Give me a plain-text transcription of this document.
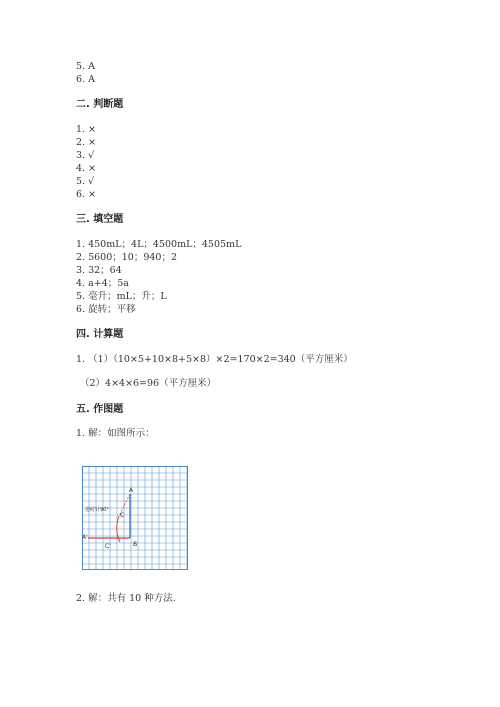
5. A
6. A
二. 判断题
1. ×
2. ×
3. √
4. ×
5. √
6. ×
三. 填空题
1. 450mL；4L；4500mL；4505mL
2. 5600；10；940；2
3. 32；64
4. a+4；5a
5. 毫升；mL；升；L
6. 旋转；平移
四. 计算题
1. （1）（10×5+10×8+5×8）×2=170×2=340（平方厘米）
（2）4×4×6=96（平方厘米）
五. 作图题
1. 解：如图所示：
A
C
B
A'
C'
逆时针90°
2. 解：共有 10 种方法.
